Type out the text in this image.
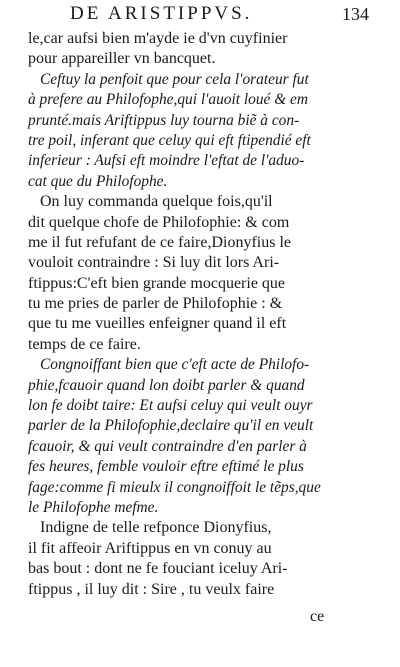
DE ARISTIPPVS.	134
le,car aufsi bien m'ayde ie d'vn cuyfinier
pour appareiller vn bancquet.
Ceftuy la penfoit que pour cela l'orateur fut
à prefere au Philofophe,qui l'auoit loué & em
prunté.mais Ariftippus luy tourna biẽ à con-
tre poil, inferant que celuy qui eft ftipendié eft
inferieur : Aufsi eft moindre l'eftat de l'aduo-
cat que du Philofophe.
On luy commanda quelque fois,qu'il
dit quelque chofe de Philofophie: & com
me il fut refufant de ce faire,Dionyfius le
vouloit contraindre : Si luy dit lors Ari-
ftippus:C'eft bien grande mocquerie que
tu me pries de parler de Philofophie : &
que tu me vueilles enfeigner quand il eft
temps de ce faire.
Congnoiffant bien que c'eft acte de Philofo-
phie,fcauoir quand lon doibt parler & quand
lon fe doibt taire: Et aufsi celuy qui veult ouyr
parler de la Philofophie,declaire qu'il en veult
fcauoir, & qui veult contraindre d'en parler à
fes heures, femble vouloir eftre eftimé le plus
fage:comme fi mieulx il congnoiffoit le tẽps,que
le Philofophe mefme.
Indigne de telle refponce Dionyfius,
il fit affeoir Ariftippus en vn conuy au
bas bout : dont ne fe fouciant iceluy Ari-
ftippus , il luy dit : Sire , tu veulx faire
ce
